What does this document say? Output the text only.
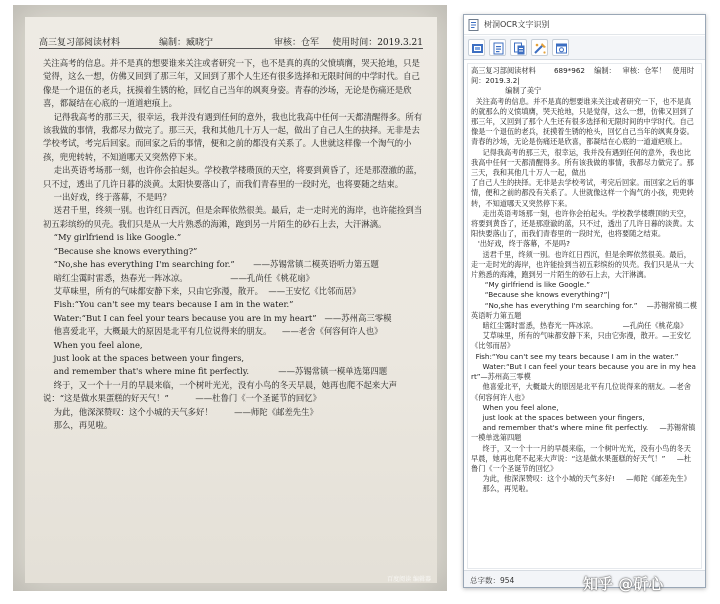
高三复习部阅读材料	编制：臧晓宁	审核：仓军 使用时间：2019.3.21

关注高考的信息。并不是真的想要谁来关注或者研究一下，也不是真的真的父愤填膺，哭天抢地，只是觉得，这么一想，仿佛又回到了那三年，又回到了那个人生还有很多选择和无限时间的中学时代。自己像是一个退伍的老兵，抚摸着生锈的枪，回忆自己当年的飒爽身姿。青春的沙场，无论是伤痛还是欣喜，都凝结在心底的一道道疤痕上。

记得我高考的那三天，很幸运，我并没有遇到任何的意外，我也比我高中任何一天都清醒得多。所有该我做的事情，我都尽力做完了。那三天，我和其他几十万人一起，做出了自己人生的抉择。无非是去学校考试，考完后回家。而回家之后的事情，便和之前的都没有关系了。人世就这样像一个淘气的小孩，兜兜转转，不知道哪天又突然停下来。

走出英语考场那一刻，也许你会拍起头。学校教学楼瓒顶的天空，将要到黄昏了，还是那澄澈的蓝，只不过，透出了几许日暮的淡黄。太阳快要落山了，而我们青春里的一段时光，也将要随之结束。

一出好戏，终于落幕，不是吗？

送君千里，终须一别。也许红日西沉，但是余晖依然很美。最后，走一走时光的海岸，也许能捡到当初五彩缤纷的贝壳。我们只是从一大片熟悉的海滩，跑到另一片陌生的砂石上去，大汗淋漓。

“My girlfriend is like Google.”

“Because she knows everything?”

“No,she has everything I'm searching for.”       ——苏锡常镇二模英语听力第五题

暗红尘霭时雷悉，热春光一阵冰凉。                ——孔尚任《桃花扇》

艾草味里，所有的气味都安静下来，只由它弥漫，散开。  ——王安忆《比邻而居》

Fish:“You can't see my tears because I am in the water.”

Water:“But I can feel your tears because you are in my heart”   ——苏州高三零模

他喜爱北平，大概最大的原因是北平有几位说得来的朋友。    ——老舍《何容何许人也》

When you feel alone,

just look at the spaces between your fingers,

and remember that's where mine fit perfectly.           ——苏锡常镇一模单选第四题

终于，又一个十一月的早晨来临，一个树叶光光，没有小鸟的冬天早晨，她再也爬不起来大声说：“这是做水果蛋糕的好天气！”          ——杜鲁门《一个圣诞节的回忆》

为此，他深深赞叹：这个小城的天气多好！        ——师陀《邮差先生》

那么，再见啦。

百度阅读 编辑器
树洞OCR文字识别

高三复习部阅读材料        689*962    编制：   审核：仓军！   使用时间：2019.3.2|

编制了美宁

关注高考的信息。并不是真的想要谁来关注或者研究一下，也不是真的就那么的义愤填膺，哭天抢地，只是觉得，这么一想，仿佛又回到了那三年，又回到了那个人生还有很多选择和无限时间的中学时代。自己像是一个退伍的老兵，抚摸着生锈的枪头，回忆自己当年的飒爽身姿。青春的沙场，无论是伤痛还是欣喜，都凝结在心底的一道道疤痕上。

记得我高考的那三天，很幸运，我并没有遇到任何的意外，我也比我高中任何一天都清醒得多。所有该我做的事情，我都尽力做完了。那三天，我和其他几十万人一起，做出

了自己人生的抉择。无非是去学校考试，考完后回家。而回家之后的事情，便和之前的都没有关系了。人世就像这样一个淘气的小孩，兜兜转转，不知道哪天又突然停下来。

走出英语考场那一刻，也许你会拍起头。学校教学楼瓒顶的天空，将要到黄昏了，还是那澄澈的蓝，只不过，透出了几许日暮的淡黄。太阳快要落山了，而我们青春里的一段时光，也将要随之结束。

'出好戏，终于落幕，不是吗?

送君千里，终须一别。也许红日西沉，但是余晖依然很美。最后，走一走时光的海岸，也许能捡到当初五彩缤纷的贝壳。我们只是从一大片熟悉的海滩，跑到另一片陌生的砂石上去，大汗淋漓。

“My girlfriend is like Google.”

“Because she knows everything?”|

“No,she has everything I'm searching for.”    —苏锡常镇二模英语听力第五题

暗红尘霭时雷悉，热春光一阵冰凉。           —孔尚任《桃花扇》

艾草味里，所有的气味都安静下来，只由它弥漫，散开。—王安忆《比邻而居》

Fish:“You can't see my tears because I am in the water.”

Water:“But I can feel your tears because you are in my heart”—苏州高三零模

他喜爱北平，大概最大的原因是北平有几位说得来的朋友。—老舍《何容何许人也》

When you feel alone,

just look at the spaces between your fingers,

and remember that's where mine fit perfectly.     —苏锡常镇一模单选第四题

终于，又一个十一月的早晨来临，一个树叶光光，没有小鸟的冬天早晨，她再也爬不起来大声说：“这是做水果蛋糕的好天气！”     —杜鲁门《一个圣诞节的回忆》

为此，他深深赞叹：这个小城的天气多好!     —师陀《邮差先生》

那么，再见啦。

总字数：954	知乎 @斫心
